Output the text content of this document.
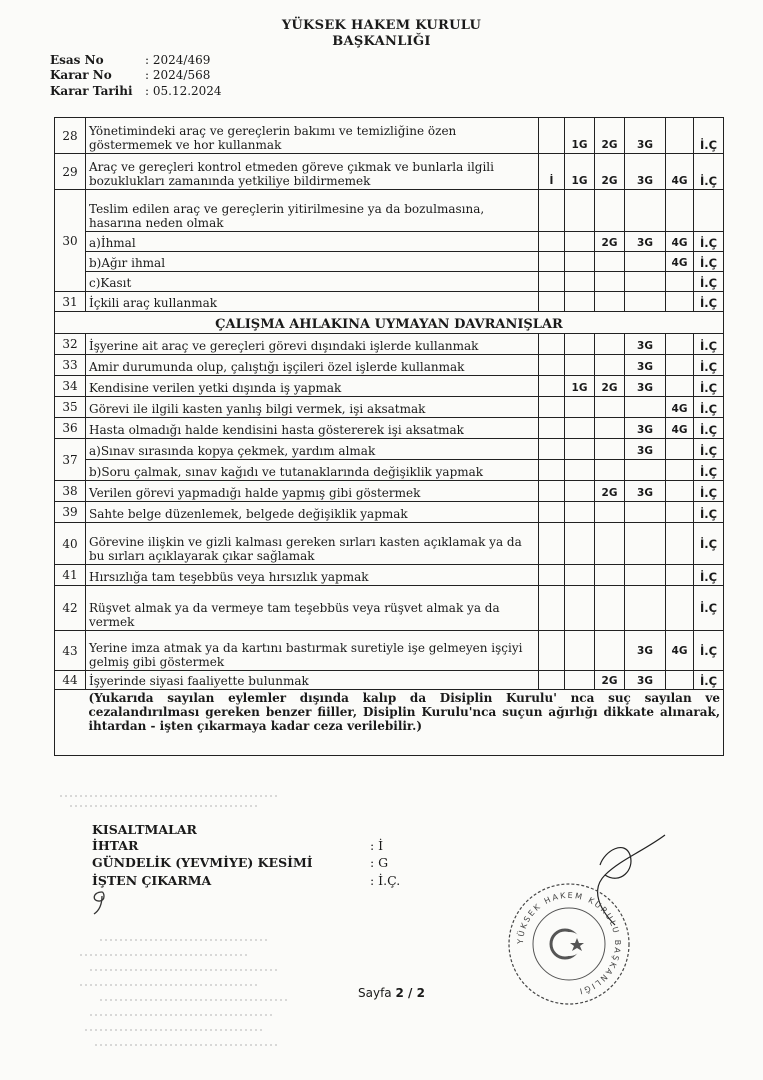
YÜKSEK HAKEM KURULU
BAŞKANLIĞI
Esas No	: 2024/469
Karar No	: 2024/568
Karar Tarihi : 05.12.2024
28	Yönetimindeki araç ve gereçlerin bakımı ve temizliğine özen göstermemek ve hor kullanmak		1G	2G	3G		İ.Ç
29	Araç ve gereçleri kontrol etmeden göreve çıkmak ve bunlarla ilgili bozuklukları zamanında yetkiliye bildirmemek	İ	1G	2G	3G	4G	İ.Ç
30	Teslim edilen araç ve gereçlerin yitirilmesine ya da bozulmasına, hasarına neden olmak						
	a)İhmal			2G	3G	4G	İ.Ç
	b)Ağır ihmal					4G	İ.Ç
	c)Kasıt						İ.Ç
31	İçkili araç kullanmak						İ.Ç
ÇALIŞMA AHLAKINA UYMAYAN DAVRANIŞLAR							
32	İşyerine ait araç ve gereçleri görevi dışındaki işlerde kullanmak				3G		İ.Ç
33	Amir durumunda olup, çalıştığı işçileri özel işlerde kullanmak				3G		İ.Ç
34	Kendisine verilen yetki dışında iş yapmak		1G	2G	3G		İ.Ç
35	Görevi ile ilgili kasten yanlış bilgi vermek, işi aksatmak					4G	İ.Ç
36	Hasta olmadığı halde kendisini hasta göstererek işi aksatmak				3G	4G	İ.Ç
37	a)Sınav sırasında kopya çekmek, yardım almak				3G		İ.Ç
	b)Soru çalmak, sınav kağıdı ve tutanaklarında değişiklik yapmak						İ.Ç
38	Verilen görevi yapmadığı halde yapmış gibi göstermek			2G	3G		İ.Ç
39	Sahte belge düzenlemek, belgede değişiklik yapmak						İ.Ç
40	Görevine ilişkin ve gizli kalması gereken sırları kasten açıklamak ya da bu sırları açıklayarak çıkar sağlamak						İ.Ç
41	Hırsızlığa tam teşebbüs veya hırsızlık yapmak						İ.Ç
42	Rüşvet almak ya da vermeye tam teşebbüs veya rüşvet almak ya da vermek						İ.Ç
43	Yerine imza atmak ya da kartını bastırmak suretiyle işe gelmeyen işçiyi gelmiş gibi göstermek				3G	4G	İ.Ç
44	İşyerinde siyasi faaliyette bulunmak			2G	3G		İ.Ç
	(Yukarıda sayılan eylemler dışında kalıp da Disiplin Kurulu' nca suç sayılan ve cezalandırılması gereken benzer fiiller, Disiplin Kurulu'nca suçun ağırlığı dikkate alınarak, ihtardan - işten çıkarmaya kadar ceza verilebilir.)						
KISALTMALAR
İHTAR	: İ
GÜNDELİK (YEVMİYE) KESİMİ	: G
İŞTEN ÇIKARMA	: İ.Ç.
YÜKSEK HAKEM KURULU BAŞKANLIĞI
Sayfa 2 / 2
